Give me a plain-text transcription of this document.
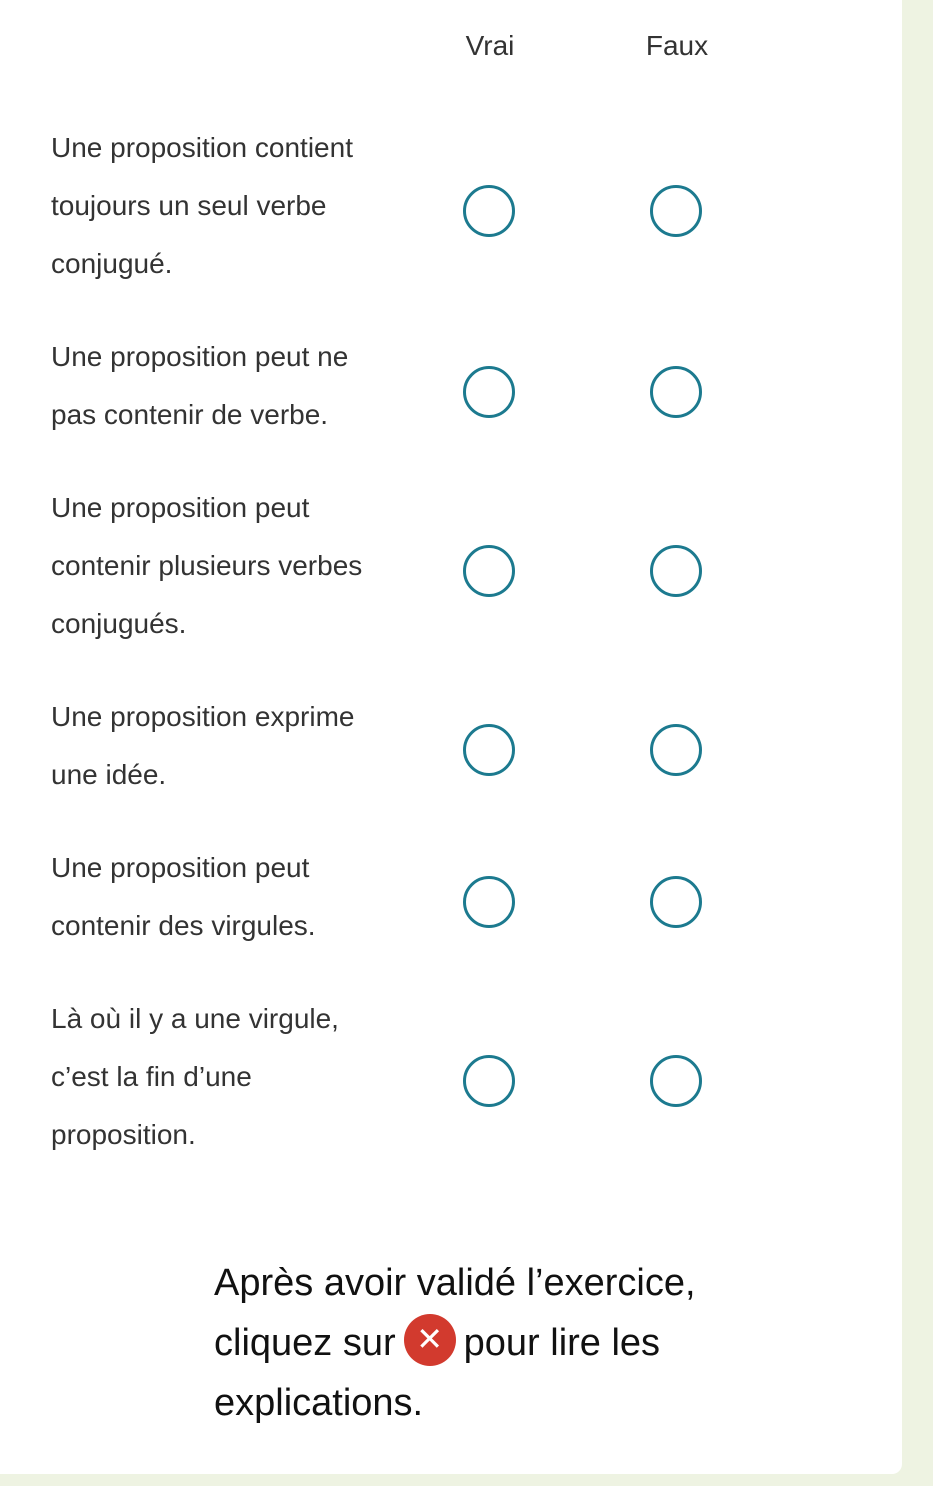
Vrai	Faux
Une proposition contient toujours un seul verbe conjugué.
Une proposition peut ne pas contenir de verbe.
Une proposition peut contenir plusieurs verbes conjugués.
Une proposition exprime une idée.
Une proposition peut contenir des virgules.
Là où il y a une virgule, c’est la fin d’une proposition.
Après avoir validé l’exercice, cliquez sur ✕ pour lire les explications.
